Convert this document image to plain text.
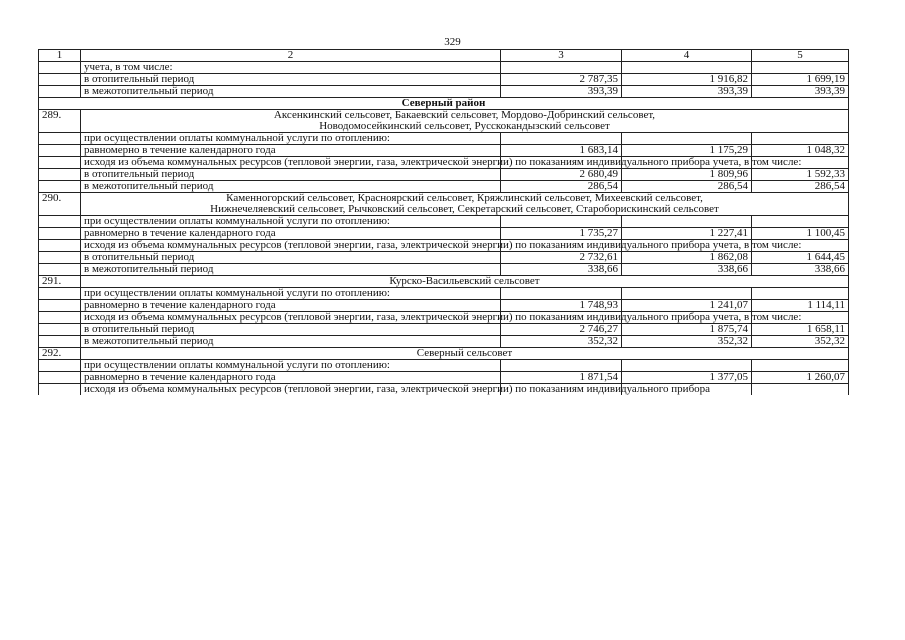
329
1	2	3	4	5
	учета, в том числе:			
	в отопительный период	2 787,35	1 916,82	1 699,19
	в межотопительный период	393,39	393,39	393,39
Северный район				
289.	Аксенкинский сельсовет, Бакаевский сельсовет, Мордово-Добринский сельсовет,
Новодомосейкинский сельсовет, Русскокандызский сельсовет			
	при осуществлении оплаты коммунальной услуги по отоплению:			
	равномерно в течение календарного года	1 683,14	1 175,29	1 048,32
	исходя из объема коммунальных ресурсов (тепловой энергии, газа, электрической энергии) по показаниям индивидуального прибора учета, в том числе:			
	в отопительный период	2 680,49	1 809,96	1 592,33
	в межотопительный период	286,54	286,54	286,54
290.	Каменногорский сельсовет, Красноярский сельсовет, Кряжлинский сельсовет, Михеевский сельсовет,
Нижнечеляевский сельсовет, Рычковский сельсовет, Секретарский сельсовет, Староборискинский сельсовет			
	при осуществлении оплаты коммунальной услуги по отоплению:			
	равномерно в течение календарного года	1 735,27	1 227,41	1 100,45
	исходя из объема коммунальных ресурсов (тепловой энергии, газа, электрической энергии) по показаниям индивидуального прибора учета, в том числе:			
	в отопительный период	2 732,61	1 862,08	1 644,45
	в межотопительный период	338,66	338,66	338,66
291.	Курско-Васильевский сельсовет			
	при осуществлении оплаты коммунальной услуги по отоплению:			
	равномерно в течение календарного года	1 748,93	1 241,07	1 114,11
	исходя из объема коммунальных ресурсов (тепловой энергии, газа, электрической энергии) по показаниям индивидуального прибора учета, в том числе:			
	в отопительный период	2 746,27	1 875,74	1 658,11
	в межотопительный период	352,32	352,32	352,32
292.	Северный сельсовет			
	при осуществлении оплаты коммунальной услуги по отоплению:			
	равномерно в течение календарного года	1 871,54	1 377,05	1 260,07
	исходя из объема коммунальных ресурсов (тепловой энергии, газа, электрической энергии) по показаниям индивидуального прибора			
